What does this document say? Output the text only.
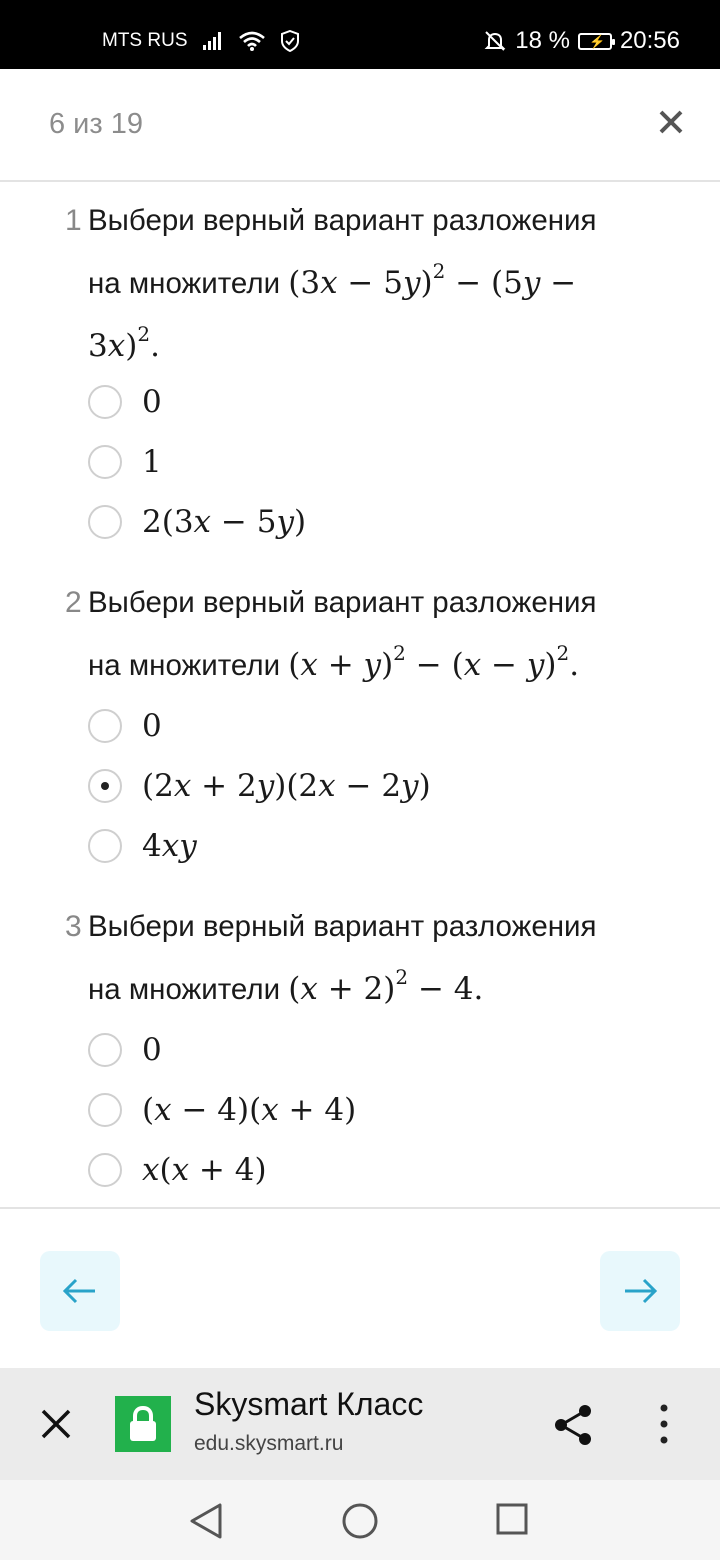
MTS RUS	18 % ⚡ 20:56
6 из 19
1 Выбери верный вариант разложения
на множители $(3x - 5y)^2 - (5y$ −
3x)$^2$.
0
1
2(3x − 5y)
2 Выбери верный вариант разложения
на множители $(x + y)^2 - (x - y)^2$.
0
(2x + 2y)(2x − 2y)
4xy
3 Выбери верный вариант разложения
на множители $(x + 2)^2 - 4$.
0
(x − 4)(x + 4)
x(x + 4)
Skysmart Класс
edu.skysmart.ru
